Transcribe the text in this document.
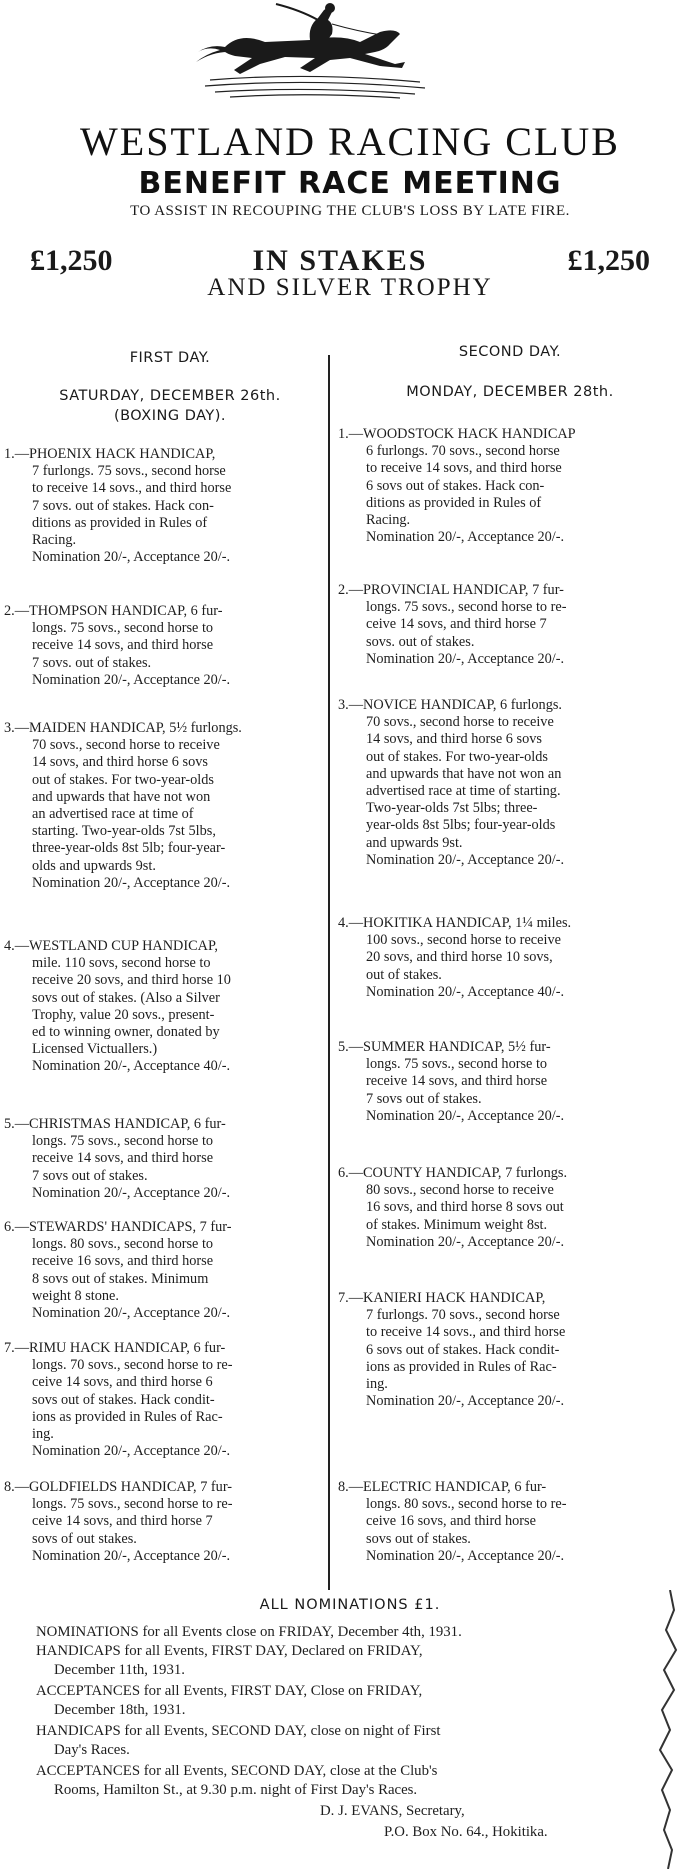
WESTLAND RACING CLUB
BENEFIT RACE MEETING
TO ASSIST IN RECOUPING THE CLUB'S LOSS BY LATE FIRE.
£1,250	IN STAKES	£1,250
AND SILVER TROPHY
FIRST DAY.
SATURDAY, DECEMBER 26th.
(BOXING DAY).

1.—PHOENIX HACK HANDICAP,

7 furlongs. 75 sovs., second horse

to receive 14 sovs., and third horse

7 sovs. out of stakes. Hack con-

ditions as provided in Rules of

Racing.

Nomination 20/-, Acceptance 20/-.

2.—THOMPSON HANDICAP, 6 fur-

longs. 75 sovs., second horse to

receive 14 sovs, and third horse

7 sovs. out of stakes.

Nomination 20/-, Acceptance 20/-.

3.—MAIDEN HANDICAP, 5½ furlongs.

70 sovs., second horse to receive

14 sovs, and third horse 6 sovs

out of stakes. For two-year-olds

and upwards that have not won

an advertised race at time of

starting. Two-year-olds 7st 5lbs,

three-year-olds 8st 5lb; four-year-

olds and upwards 9st.

Nomination 20/-, Acceptance 20/-.

4.—WESTLAND CUP HANDICAP,

mile. 110 sovs, second horse to

receive 20 sovs, and third horse 10

sovs out of stakes. (Also a Silver

Trophy, value 20 sovs., present-

ed to winning owner, donated by

Licensed Victuallers.)

Nomination 20/-, Acceptance 40/-.

5.—CHRISTMAS HANDICAP, 6 fur-

longs. 75 sovs., second horse to

receive 14 sovs, and third horse

7 sovs out of stakes.

Nomination 20/-, Acceptance 20/-.

6.—STEWARDS' HANDICAPS, 7 fur-

longs. 80 sovs., second horse to

receive 16 sovs, and third horse

8 sovs out of stakes. Minimum

weight 8 stone.

Nomination 20/-, Acceptance 20/-.

7.—RIMU HACK HANDICAP, 6 fur-

longs. 70 sovs., second horse to re-

ceive 14 sovs, and third horse 6

sovs out of stakes. Hack condit-

ions as provided in Rules of Rac-

ing.

Nomination 20/-, Acceptance 20/-.

8.—GOLDFIELDS HANDICAP, 7 fur-

longs. 75 sovs., second horse to re-

ceive 14 sovs, and third horse 7

sovs of out stakes.

Nomination 20/-, Acceptance 20/-.

SECOND DAY.
MONDAY, DECEMBER 28th.

1.—WOODSTOCK HACK HANDICAP

6 furlongs. 70 sovs., second horse

to receive 14 sovs, and third horse

6 sovs out of stakes. Hack con-

ditions as provided in Rules of

Racing.

Nomination 20/-, Acceptance 20/-.

2.—PROVINCIAL HANDICAP, 7 fur-

longs. 75 sovs., second horse to re-

ceive 14 sovs, and third horse 7

sovs. out of stakes.

Nomination 20/-, Acceptance 20/-.

3.—NOVICE HANDICAP, 6 furlongs.

70 sovs., second horse to receive

14 sovs, and third horse 6 sovs

out of stakes. For two-year-olds

and upwards that have not won an

advertised race at time of starting.

Two-year-olds 7st 5lbs; three-

year-olds 8st 5lbs; four-year-olds

and upwards 9st.

Nomination 20/-, Acceptance 20/-.

4.—HOKITIKA HANDICAP, 1¼ miles.

100 sovs., second horse to receive

20 sovs, and third horse 10 sovs,

out of stakes.

Nomination 20/-, Acceptance 40/-.

5.—SUMMER HANDICAP, 5½ fur-

longs. 75 sovs., second horse to

receive 14 sovs, and third horse

7 sovs out of stakes.

Nomination 20/-, Acceptance 20/-.

6.—COUNTY HANDICAP, 7 furlongs.

80 sovs., second horse to receive

16 sovs, and third horse 8 sovs out

of stakes. Minimum weight 8st.

Nomination 20/-, Acceptance 20/-.

7.—KANIERI HACK HANDICAP,

7 furlongs. 70 sovs., second horse

to receive 14 sovs., and third horse

6 sovs out of stakes. Hack condit-

ions as provided in Rules of Rac-

ing.

Nomination 20/-, Acceptance 20/-.

8.—ELECTRIC HANDICAP, 6 fur-

longs. 80 sovs., second horse to re-

ceive 16 sovs, and third horse

sovs out of stakes.

Nomination 20/-, Acceptance 20/-.

ALL NOMINATIONS £1.

NOMINATIONS for all Events close on FRIDAY, December 4th, 1931.

HANDICAPS for all Events, FIRST DAY, Declared on FRIDAY,

December 11th, 1931.

ACCEPTANCES for all Events, FIRST DAY, Close on FRIDAY,

December 18th, 1931.

HANDICAPS for all Events, SECOND DAY, close on night of First

Day's Races.

ACCEPTANCES for all Events, SECOND DAY, close at the Club's

Rooms, Hamilton St., at 9.30 p.m. night of First Day's Races.

D. J. EVANS, Secretary,

P.O. Box No. 64., Hokitika.
